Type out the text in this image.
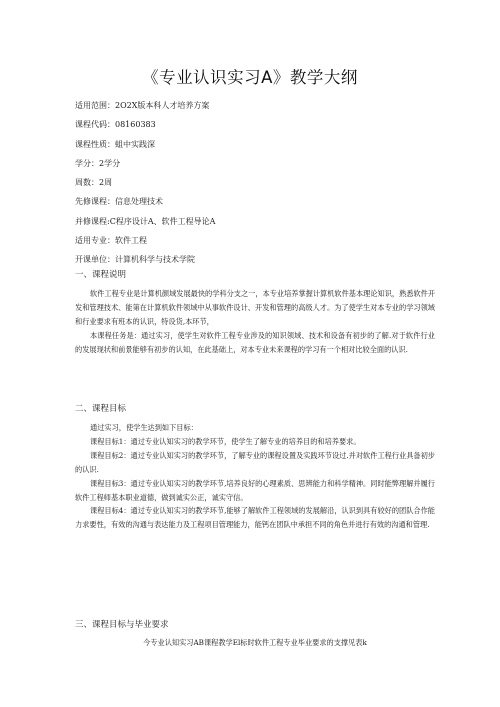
《专业认识实习A》教学大纲
适用范围：2O2X版本科人才培养方案
课程代码：08160383
课程性质：蛆中实践深
学分：2学分
周数：2周
先修课程：信息处理技术
并修课程:C程序设计A、软件工程导论A
适用专业：软件工程
开课单位：计算机科学与技术学院
一、课程说明

软件工程专业是计算机颜域发展最快的学科分支之一，本专业培养掌握计算机软件基本理论知识，熟悉软件开发和管理技术、能第在计算机软件领域中从事软件设计、开发和管理的高级人才。为了使学生对本专业的学习领域和行业要求有班本的认识，特设货,本环节，

本课程任务是：通过实习，使学生对软件工程专业涉及的知识领域、技术和设备有初步的了解.对于软件行业的发展现状和前景能够有初步的认知，在此基础上，对本专业未来课程的学习有一个相对比较全面的认识.

二、课程目标

通过实习，使学生达到如下目标：

课程目标1：通过专业认知实习的教学环节，使学生了解专业的培养目的和培养要求。

课程目标2：通过专业认知实习的教学环节，了解专业的课程设置及实践环节设过.并对软件工程行业具备初步的认识.

课程目标3：通过专业认知实习的教学环节,培养良好的心理素质、思辨能力和科学精神。同时能弊理解并履行软件工程师基本职业道德，做到诚实公正，诚实守信。

课程目标4：通过专业认知实习的教学环节,能够了解软件工程领域的发展解沿，认识到具有较好的团队合作能力求要性，有效的沟通与表达能力及工程项目管理能力，能钙在团队中承担不同的角色并进行有效的沟通和管理.

三、课程目标与毕业要求
今专业认知实习AB课程教学El标时软件工程专业毕业要求的支撑见表k
